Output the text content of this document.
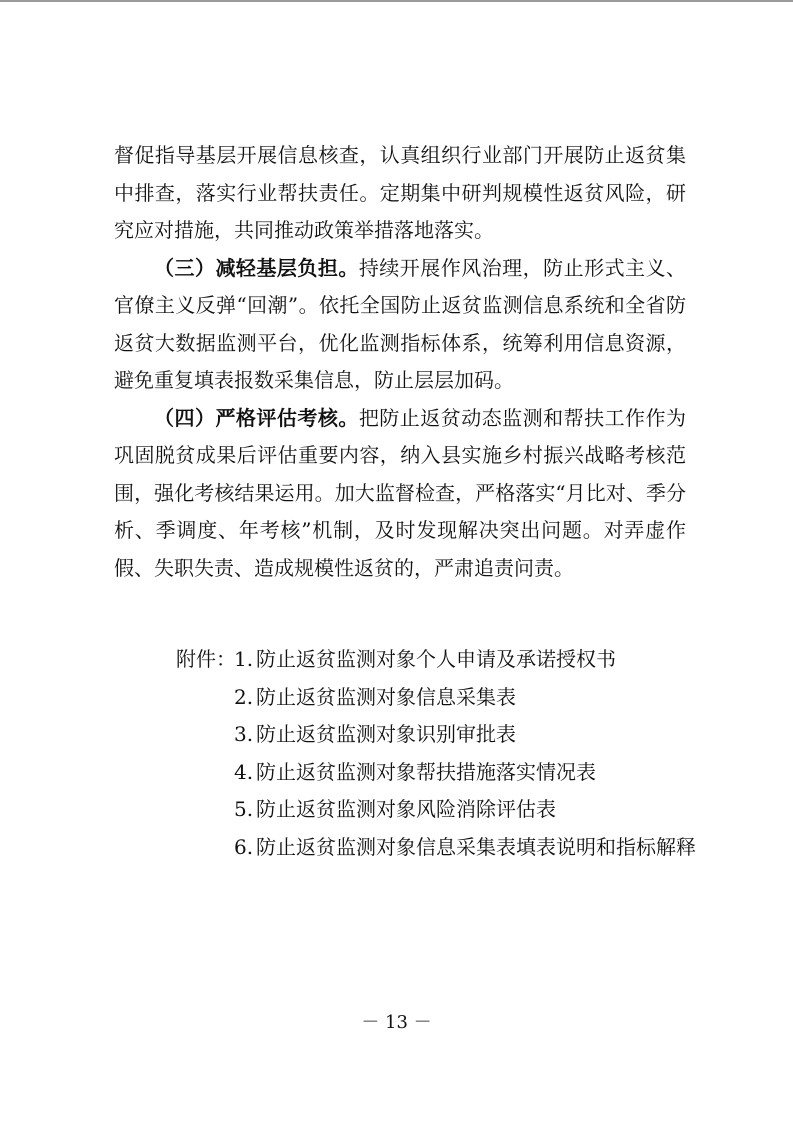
督促指导基层开展信息核查，认真组织行业部门开展防止返贫集中排查，落实行业帮扶责任。定期集中研判规模性返贫风险，研究应对措施，共同推动政策举措落地落实。

（三）减轻基层负担。持续开展作风治理，防止形式主义、官僚主义反弹“回潮”。依托全国防止返贫监测信息系统和全省防返贫大数据监测平台，优化监测指标体系，统筹利用信息资源，避免重复填表报数采集信息，防止层层加码。

（四）严格评估考核。把防止返贫动态监测和帮扶工作作为巩固脱贫成果后评估重要内容，纳入县实施乡村振兴战略考核范围，强化考核结果运用。加大监督检查，严格落实“月比对、季分析、季调度、年考核”机制，及时发现解决突出问题。对弄虚作假、失职失责、造成规模性返贫的，严肃追责问责。

附件：
1. 防止返贫监测对象个人申请及承诺授权书
2. 防止返贫监测对象信息采集表
3. 防止返贫监测对象识别审批表
4. 防止返贫监测对象帮扶措施落实情况表
5. 防止返贫监测对象风险消除评估表
6. 防止返贫监测对象信息采集表填表说明和指标解释
－ 13 －
